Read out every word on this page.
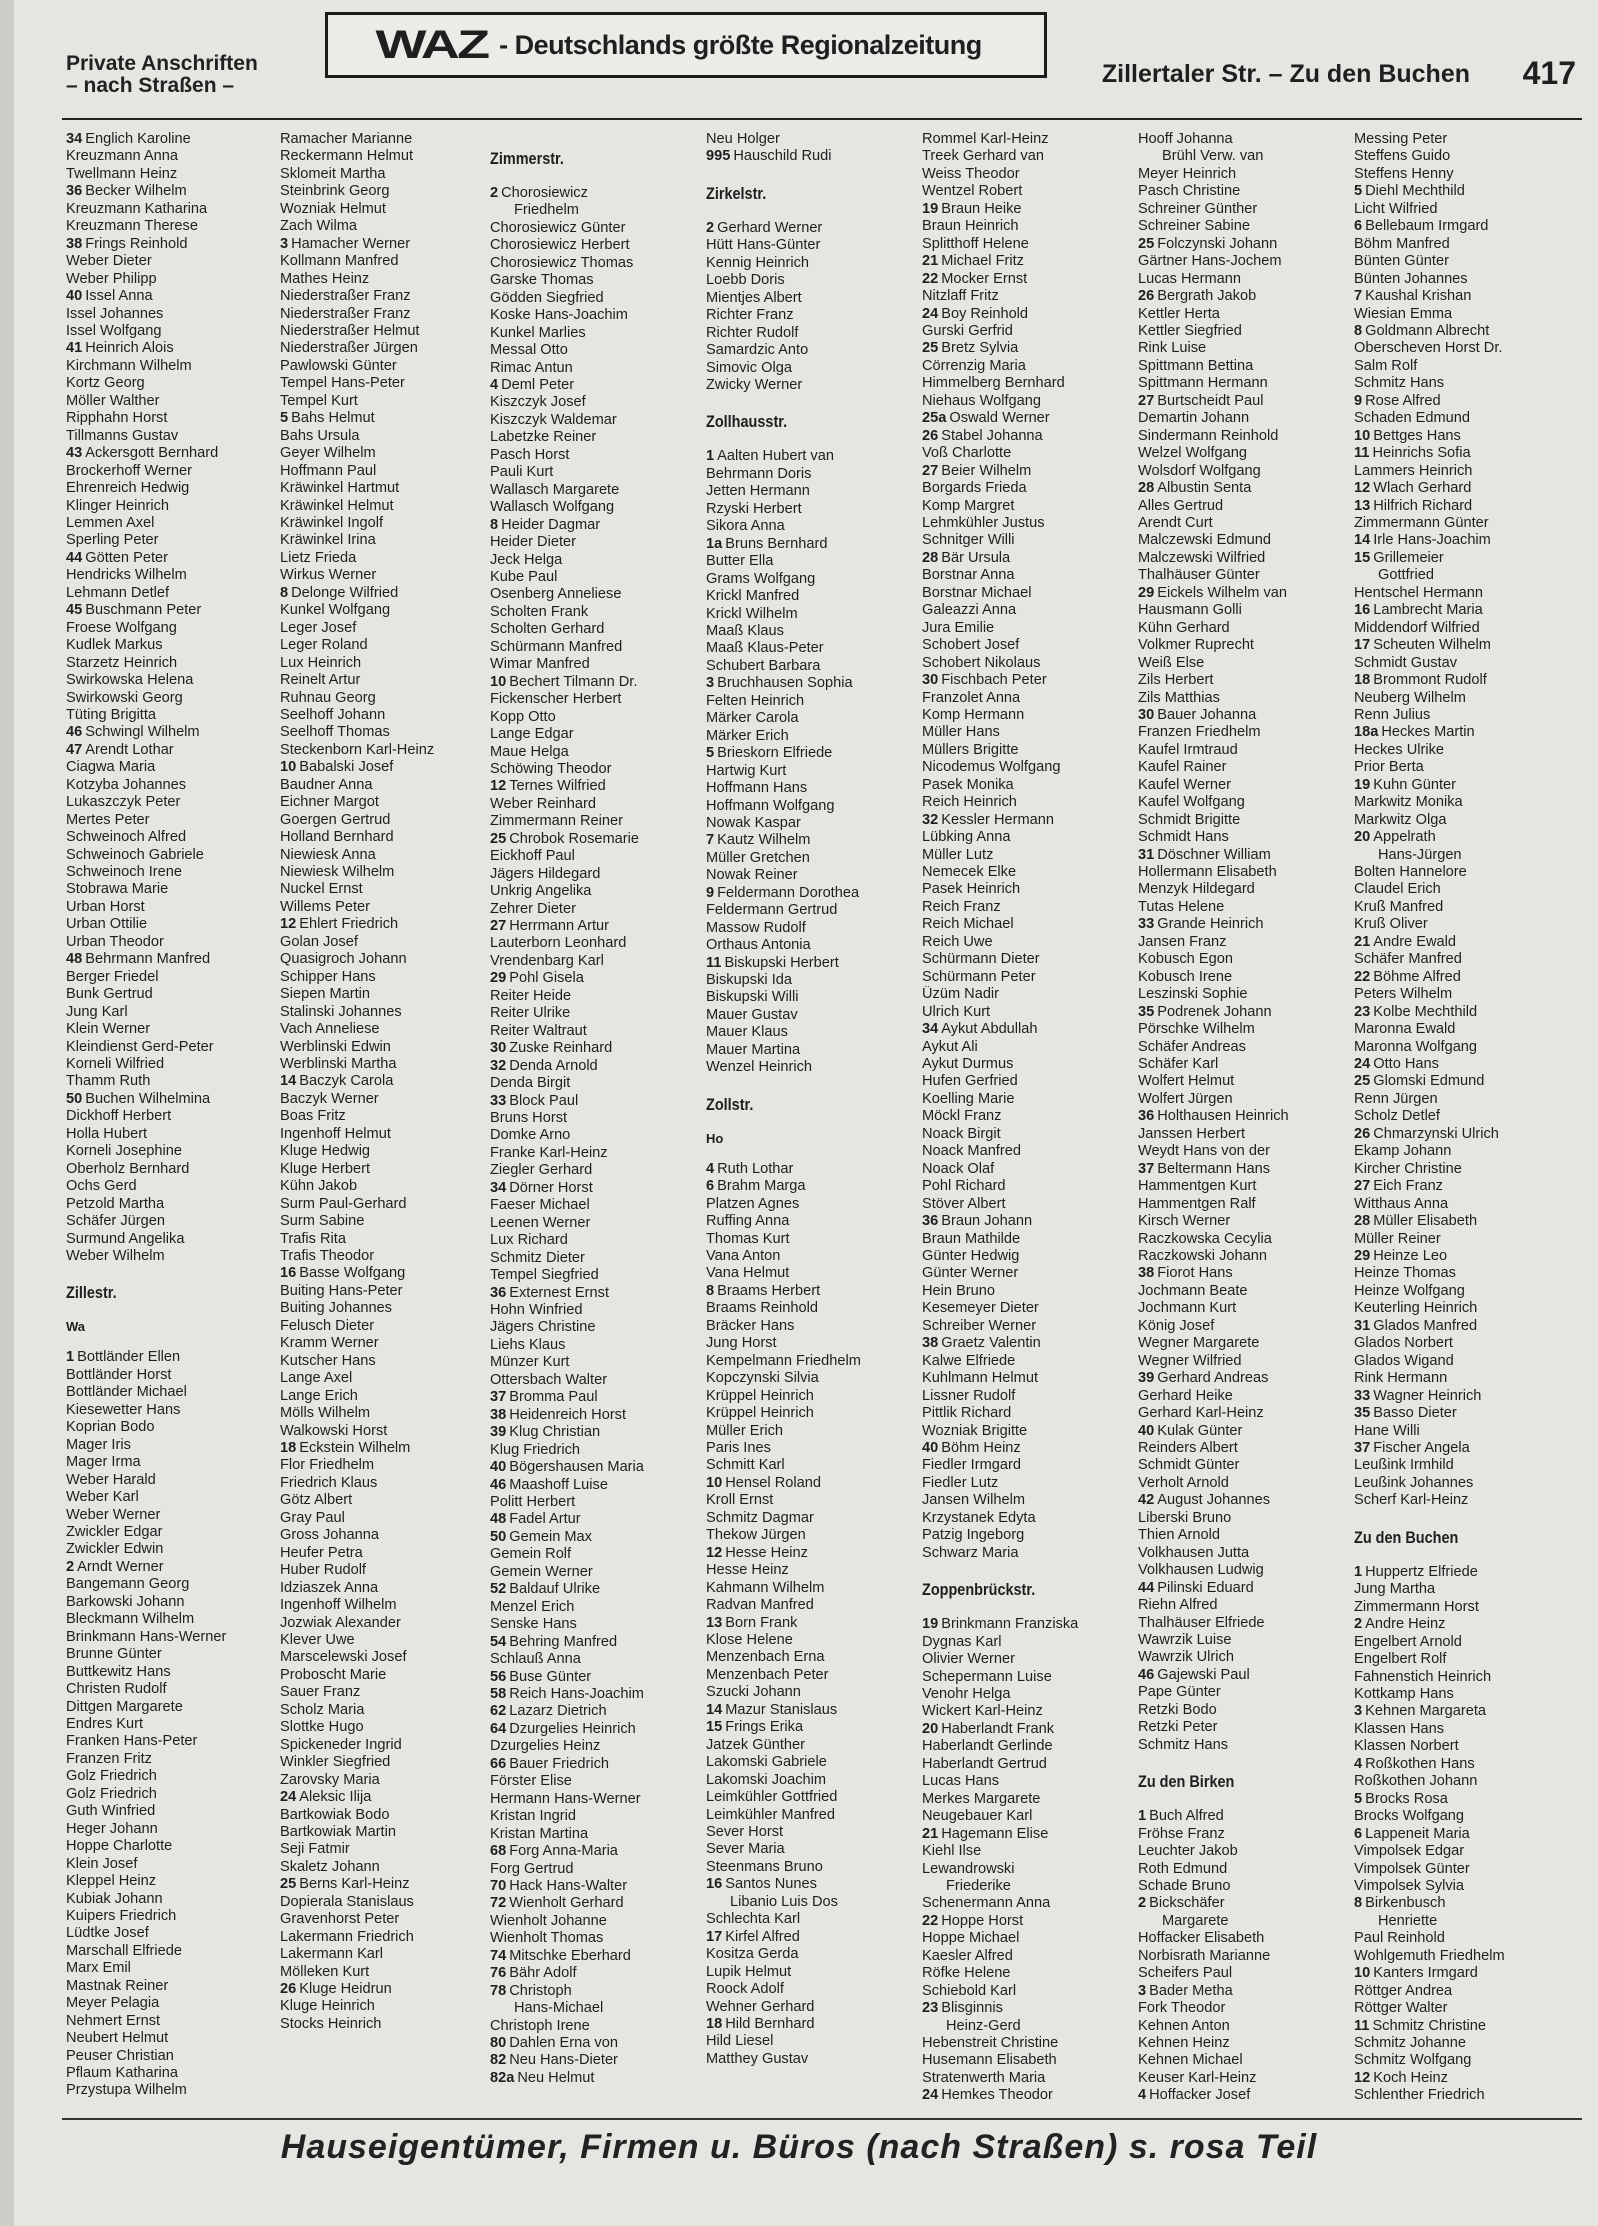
Private Anschriften
– nach Straßen –
WAZ - Deutschlands größte Regionalzeitung
Zillertaler Str. – Zu den Buchen 417
34 Englich Karoline
Kreuzmann Anna
Twellmann Heinz
36 Becker Wilhelm
Kreuzmann Katharina
Kreuzmann Therese
38 Frings Reinhold
Weber Dieter
Weber Philipp
40 Issel Anna
Issel Johannes
Issel Wolfgang
41 Heinrich Alois
Kirchmann Wilhelm
Kortz Georg
Möller Walther
Ripphahn Horst
Tillmanns Gustav
43 Ackersgott Bernhard
Brockerhoff Werner
Ehrenreich Hedwig
Klinger Heinrich
Lemmen Axel
Sperling Peter
44 Götten Peter
Hendricks Wilhelm
Lehmann Detlef
45 Buschmann Peter
Froese Wolfgang
Kudlek Markus
Starzetz Heinrich
Swirkowska Helena
Swirkowski Georg
Tüting Brigitta
46 Schwingl Wilhelm
47 Arendt Lothar
Ciagwa Maria
Kotzyba Johannes
Lukaszczyk Peter
Mertes Peter
Schweinoch Alfred
Schweinoch Gabriele
Schweinoch Irene
Stobrawa Marie
Urban Horst
Urban Ottilie
Urban Theodor
48 Behrmann Manfred
Berger Friedel
Bunk Gertrud
Jung Karl
Klein Werner
Kleindienst Gerd-Peter
Korneli Wilfried
Thamm Ruth
50 Buchen Wilhelmina
Dickhoff Herbert
Holla Hubert
Korneli Josephine
Oberholz Bernhard
Ochs Gerd
Petzold Martha
Schäfer Jürgen
Surmund Angelika
Weber Wilhelm
Zillestr.
Wa
1 Bottländer Ellen
Bottländer Horst
Bottländer Michael
Kiesewetter Hans
Koprian Bodo
Mager Iris
Mager Irma
Weber Harald
Weber Karl
Weber Werner
Zwickler Edgar
Zwickler Edwin
2 Arndt Werner
Bangemann Georg
Barkowski Johann
Bleckmann Wilhelm
Brinkmann Hans-Werner
Brunne Günter
Buttkewitz Hans
Christen Rudolf
Dittgen Margarete
Endres Kurt
Franken Hans-Peter
Franzen Fritz
Golz Friedrich
Golz Friedrich
Guth Winfried
Heger Johann
Hoppe Charlotte
Klein Josef
Kleppel Heinz
Kubiak Johann
Kuipers Friedrich
Lüdtke Josef
Marschall Elfriede
Marx Emil
Mastnak Reiner
Meyer Pelagia
Nehmert Ernst
Neubert Helmut
Peuser Christian
Pflaum Katharina
Przystupa Wilhelm
Ramacher Marianne
Reckermann Helmut
Sklomeit Martha
Steinbrink Georg
Wozniak Helmut
Zach Wilma
3 Hamacher Werner
Kollmann Manfred
Mathes Heinz
Niederstraßer Franz
Niederstraßer Franz
Niederstraßer Helmut
Niederstraßer Jürgen
Pawlowski Günter
Tempel Hans-Peter
Tempel Kurt
5 Bahs Helmut
Bahs Ursula
Geyer Wilhelm
Hoffmann Paul
Kräwinkel Hartmut
Kräwinkel Helmut
Kräwinkel Ingolf
Kräwinkel Irina
Lietz Frieda
Wirkus Werner
8 Delonge Wilfried
Kunkel Wolfgang
Leger Josef
Leger Roland
Lux Heinrich
Reinelt Artur
Ruhnau Georg
Seelhoff Johann
Seelhoff Thomas
Steckenborn Karl-Heinz
10 Babalski Josef
Baudner Anna
Eichner Margot
Goergen Gertrud
Holland Bernhard
Niewiesk Anna
Niewiesk Wilhelm
Nuckel Ernst
Willems Peter
12 Ehlert Friedrich
Golan Josef
Quasigroch Johann
Schipper Hans
Siepen Martin
Stalinski Johannes
Vach Anneliese
Werblinski Edwin
Werblinski Martha
14 Baczyk Carola
Baczyk Werner
Boas Fritz
Ingenhoff Helmut
Kluge Hedwig
Kluge Herbert
Kühn Jakob
Surm Paul-Gerhard
Surm Sabine
Trafis Rita
Trafis Theodor
16 Basse Wolfgang
Buiting Hans-Peter
Buiting Johannes
Felusch Dieter
Kramm Werner
Kutscher Hans
Lange Axel
Lange Erich
Mölls Wilhelm
Walkowski Horst
18 Eckstein Wilhelm
Flor Friedhelm
Friedrich Klaus
Götz Albert
Gray Paul
Gross Johanna
Heufer Petra
Huber Rudolf
Idziaszek Anna
Ingenhoff Wilhelm
Jozwiak Alexander
Klever Uwe
Marscelewski Josef
Proboscht Marie
Sauer Franz
Scholz Maria
Slottke Hugo
Spickeneder Ingrid
Winkler Siegfried
Zarovsky Maria
24 Aleksic Ilija
Bartkowiak Bodo
Bartkowiak Martin
Seji Fatmir
Skaletz Johann
25 Berns Karl-Heinz
Dopierala Stanislaus
Gravenhorst Peter
Lakermann Friedrich
Lakermann Karl
Mölleken Kurt
26 Kluge Heidrun
Kluge Heinrich
Stocks Heinrich
Zimmerstr.
2 Chorosiewicz
Friedhelm
Chorosiewicz Günter
Chorosiewicz Herbert
Chorosiewicz Thomas
Garske Thomas
Gödden Siegfried
Koske Hans-Joachim
Kunkel Marlies
Messal Otto
Rimac Antun
4 Deml Peter
Kiszczyk Josef
Kiszczyk Waldemar
Labetzke Reiner
Pasch Horst
Pauli Kurt
Wallasch Margarete
Wallasch Wolfgang
8 Heider Dagmar
Heider Dieter
Jeck Helga
Kube Paul
Osenberg Anneliese
Scholten Frank
Scholten Gerhard
Schürmann Manfred
Wimar Manfred
10 Bechert Tilmann Dr.
Fickenscher Herbert
Kopp Otto
Lange Edgar
Maue Helga
Schöwing Theodor
12 Ternes Wilfried
Weber Reinhard
Zimmermann Reiner
25 Chrobok Rosemarie
Eickhoff Paul
Jägers Hildegard
Unkrig Angelika
Zehrer Dieter
27 Herrmann Artur
Lauterborn Leonhard
Vrendenbarg Karl
29 Pohl Gisela
Reiter Heide
Reiter Ulrike
Reiter Waltraut
30 Zuske Reinhard
32 Denda Arnold
Denda Birgit
33 Block Paul
Bruns Horst
Domke Arno
Franke Karl-Heinz
Ziegler Gerhard
34 Dörner Horst
Faeser Michael
Leenen Werner
Lux Richard
Schmitz Dieter
Tempel Siegfried
36 Externest Ernst
Hohn Winfried
Jägers Christine
Liehs Klaus
Münzer Kurt
Ottersbach Walter
37 Bromma Paul
38 Heidenreich Horst
39 Klug Christian
Klug Friedrich
40 Bögershausen Maria
46 Maashoff Luise
Politt Herbert
48 Fadel Artur
50 Gemein Max
Gemein Rolf
Gemein Werner
52 Baldauf Ulrike
Menzel Erich
Senske Hans
54 Behring Manfred
Schlauß Anna
56 Buse Günter
58 Reich Hans-Joachim
62 Lazarz Dietrich
64 Dzurgelies Heinrich
Dzurgelies Heinz
66 Bauer Friedrich
Förster Elise
Hermann Hans-Werner
Kristan Ingrid
Kristan Martina
68 Forg Anna-Maria
Forg Gertrud
70 Hack Hans-Walter
72 Wienholt Gerhard
Wienholt Johanne
Wienholt Thomas
74 Mitschke Eberhard
76 Bähr Adolf
78 Christoph
Hans-Michael
Christoph Irene
80 Dahlen Erna von
82 Neu Hans-Dieter
82a Neu Helmut
Neu Holger
995 Hauschild Rudi
Zirkelstr.
2 Gerhard Werner
Hütt Hans-Günter
Kennig Heinrich
Loebb Doris
Mientjes Albert
Richter Franz
Richter Rudolf
Samardzic Anto
Simovic Olga
Zwicky Werner
Zollhausstr.
1 Aalten Hubert van
Behrmann Doris
Jetten Hermann
Rzyski Herbert
Sikora Anna
1a Bruns Bernhard
Butter Ella
Grams Wolfgang
Krickl Manfred
Krickl Wilhelm
Maaß Klaus
Maaß Klaus-Peter
Schubert Barbara
3 Bruchhausen Sophia
Felten Heinrich
Märker Carola
Märker Erich
5 Brieskorn Elfriede
Hartwig Kurt
Hoffmann Hans
Hoffmann Wolfgang
Nowak Kaspar
7 Kautz Wilhelm
Müller Gretchen
Nowak Reiner
9 Feldermann Dorothea
Feldermann Gertrud
Massow Rudolf
Orthaus Antonia
11 Biskupski Herbert
Biskupski Ida
Biskupski Willi
Mauer Gustav
Mauer Klaus
Mauer Martina
Wenzel Heinrich
Zollstr.
Ho
4 Ruth Lothar
6 Brahm Marga
Platzen Agnes
Ruffing Anna
Thomas Kurt
Vana Anton
Vana Helmut
8 Braams Herbert
Braams Reinhold
Bräcker Hans
Jung Horst
Kempelmann Friedhelm
Kopczynski Silvia
Krüppel Heinrich
Krüppel Heinrich
Müller Erich
Paris Ines
Schmitt Karl
10 Hensel Roland
Kroll Ernst
Schmitz Dagmar
Thekow Jürgen
12 Hesse Heinz
Hesse Heinz
Kahmann Wilhelm
Radvan Manfred
13 Born Frank
Klose Helene
Menzenbach Erna
Menzenbach Peter
Szucki Johann
14 Mazur Stanislaus
15 Frings Erika
Jatzek Günther
Lakomski Gabriele
Lakomski Joachim
Leimkühler Gottfried
Leimkühler Manfred
Sever Horst
Sever Maria
Steenmans Bruno
16 Santos Nunes
Libanio Luis Dos
Schlechta Karl
17 Kirfel Alfred
Kositza Gerda
Lupik Helmut
Roock Adolf
Wehner Gerhard
18 Hild Bernhard
Hild Liesel
Matthey Gustav
Rommel Karl-Heinz
Treek Gerhard van
Weiss Theodor
Wentzel Robert
19 Braun Heike
Braun Heinrich
Splitthoff Helene
21 Michael Fritz
22 Mocker Ernst
Nitzlaff Fritz
24 Boy Reinhold
Gurski Gerfrid
25 Bretz Sylvia
Cörrenzig Maria
Himmelberg Bernhard
Niehaus Wolfgang
25a Oswald Werner
26 Stabel Johanna
Voß Charlotte
27 Beier Wilhelm
Borgards Frieda
Komp Margret
Lehmkühler Justus
Schnitger Willi
28 Bär Ursula
Borstnar Anna
Borstnar Michael
Galeazzi Anna
Jura Emilie
Schobert Josef
Schobert Nikolaus
30 Fischbach Peter
Franzolet Anna
Komp Hermann
Müller Hans
Müllers Brigitte
Nicodemus Wolfgang
Pasek Monika
Reich Heinrich
32 Kessler Hermann
Lübking Anna
Müller Lutz
Nemecek Elke
Pasek Heinrich
Reich Franz
Reich Michael
Reich Uwe
Schürmann Dieter
Schürmann Peter
Üzüm Nadir
Ulrich Kurt
34 Aykut Abdullah
Aykut Ali
Aykut Durmus
Hufen Gerfried
Koelling Marie
Möckl Franz
Noack Birgit
Noack Manfred
Noack Olaf
Pohl Richard
Stöver Albert
36 Braun Johann
Braun Mathilde
Günter Hedwig
Günter Werner
Hein Bruno
Kesemeyer Dieter
Schreiber Werner
38 Graetz Valentin
Kalwe Elfriede
Kuhlmann Helmut
Lissner Rudolf
Pittlik Richard
Wozniak Brigitte
40 Böhm Heinz
Fiedler Irmgard
Fiedler Lutz
Jansen Wilhelm
Krzystanek Edyta
Patzig Ingeborg
Schwarz Maria
Zoppenbrückstr.
19 Brinkmann Franziska
Dygnas Karl
Olivier Werner
Schepermann Luise
Venohr Helga
Wickert Karl-Heinz
20 Haberlandt Frank
Haberlandt Gerlinde
Haberlandt Gertrud
Lucas Hans
Merkes Margarete
Neugebauer Karl
21 Hagemann Elise
Kiehl Ilse
Lewandrowski
Friederike
Schenermann Anna
22 Hoppe Horst
Hoppe Michael
Kaesler Alfred
Röfke Helene
Schiebold Karl
23 Blisginnis
Heinz-Gerd
Hebenstreit Christine
Husemann Elisabeth
Stratenwerth Maria
24 Hemkes Theodor
Hooff Johanna
Brühl Verw. van
Meyer Heinrich
Pasch Christine
Schreiner Günther
Schreiner Sabine
25 Folczynski Johann
Gärtner Hans-Jochem
Lucas Hermann
26 Bergrath Jakob
Kettler Herta
Kettler Siegfried
Rink Luise
Spittmann Bettina
Spittmann Hermann
27 Burtscheidt Paul
Demartin Johann
Sindermann Reinhold
Welzel Wolfgang
Wolsdorf Wolfgang
28 Albustin Senta
Alles Gertrud
Arendt Curt
Malczewski Edmund
Malczewski Wilfried
Thalhäuser Günter
29 Eickels Wilhelm van
Hausmann Golli
Kühn Gerhard
Volkmer Ruprecht
Weiß Else
Zils Herbert
Zils Matthias
30 Bauer Johanna
Franzen Friedhelm
Kaufel Irmtraud
Kaufel Rainer
Kaufel Werner
Kaufel Wolfgang
Schmidt Brigitte
Schmidt Hans
31 Döschner William
Hollermann Elisabeth
Menzyk Hildegard
Tutas Helene
33 Grande Heinrich
Jansen Franz
Kobusch Egon
Kobusch Irene
Leszinski Sophie
35 Podrenek Johann
Pörschke Wilhelm
Schäfer Andreas
Schäfer Karl
Wolfert Helmut
Wolfert Jürgen
36 Holthausen Heinrich
Janssen Herbert
Weydt Hans von der
37 Beltermann Hans
Hammentgen Kurt
Hammentgen Ralf
Kirsch Werner
Raczkowska Cecylia
Raczkowski Johann
38 Fiorot Hans
Jochmann Beate
Jochmann Kurt
König Josef
Wegner Margarete
Wegner Wilfried
39 Gerhard Andreas
Gerhard Heike
Gerhard Karl-Heinz
40 Kulak Günter
Reinders Albert
Schmidt Günter
Verholt Arnold
42 August Johannes
Liberski Bruno
Thien Arnold
Volkhausen Jutta
Volkhausen Ludwig
44 Pilinski Eduard
Riehn Alfred
Thalhäuser Elfriede
Wawrzik Luise
Wawrzik Ulrich
46 Gajewski Paul
Pape Günter
Retzki Bodo
Retzki Peter
Schmitz Hans
Zu den Birken
1 Buch Alfred
Fröhse Franz
Leuchter Jakob
Roth Edmund
Schade Bruno
2 Bickschäfer
Margarete
Hoffacker Elisabeth
Norbisrath Marianne
Scheifers Paul
3 Bader Metha
Fork Theodor
Kehnen Anton
Kehnen Heinz
Kehnen Michael
Keuser Karl-Heinz
4 Hoffacker Josef
Messing Peter
Steffens Guido
Steffens Henny
5 Diehl Mechthild
Licht Wilfried
6 Bellebaum Irmgard
Böhm Manfred
Bünten Günter
Bünten Johannes
7 Kaushal Krishan
Wiesian Emma
8 Goldmann Albrecht
Oberscheven Horst Dr.
Salm Rolf
Schmitz Hans
9 Rose Alfred
Schaden Edmund
10 Bettges Hans
11 Heinrichs Sofia
Lammers Heinrich
12 Wlach Gerhard
13 Hilfrich Richard
Zimmermann Günter
14 Irle Hans-Joachim
15 Grillemeier
Gottfried
Hentschel Hermann
16 Lambrecht Maria
Middendorf Wilfried
17 Scheuten Wilhelm
Schmidt Gustav
18 Brommont Rudolf
Neuberg Wilhelm
Renn Julius
18a Heckes Martin
Heckes Ulrike
Prior Berta
19 Kuhn Günter
Markwitz Monika
Markwitz Olga
20 Appelrath
Hans-Jürgen
Bolten Hannelore
Claudel Erich
Kruß Manfred
Kruß Oliver
21 Andre Ewald
Schäfer Manfred
22 Böhme Alfred
Peters Wilhelm
23 Kolbe Mechthild
Maronna Ewald
Maronna Wolfgang
24 Otto Hans
25 Glomski Edmund
Renn Jürgen
Scholz Detlef
26 Chmarzynski Ulrich
Ekamp Johann
Kircher Christine
27 Eich Franz
Witthaus Anna
28 Müller Elisabeth
Müller Reiner
29 Heinze Leo
Heinze Thomas
Heinze Wolfgang
Keuterling Heinrich
31 Glados Manfred
Glados Norbert
Glados Wigand
Rink Hermann
33 Wagner Heinrich
35 Basso Dieter
Hane Willi
37 Fischer Angela
Leußink Irmhild
Leußink Johannes
Scherf Karl-Heinz
Zu den Buchen
1 Huppertz Elfriede
Jung Martha
Zimmermann Horst
2 Andre Heinz
Engelbert Arnold
Engelbert Rolf
Fahnenstich Heinrich
Kottkamp Hans
3 Kehnen Margareta
Klassen Hans
Klassen Norbert
4 Roßkothen Hans
Roßkothen Johann
5 Brocks Rosa
Brocks Wolfgang
6 Lappeneit Maria
Vimpolsek Edgar
Vimpolsek Günter
Vimpolsek Sylvia
8 Birkenbusch
Henriette
Paul Reinhold
Wohlgemuth Friedhelm
10 Kanters Irmgard
Röttger Andrea
Röttger Walter
11 Schmitz Christine
Schmitz Johanne
Schmitz Wolfgang
12 Koch Heinz
Schlenther Friedrich
Hauseigentümer, Firmen u. Büros (nach Straßen) s. rosa Teil
